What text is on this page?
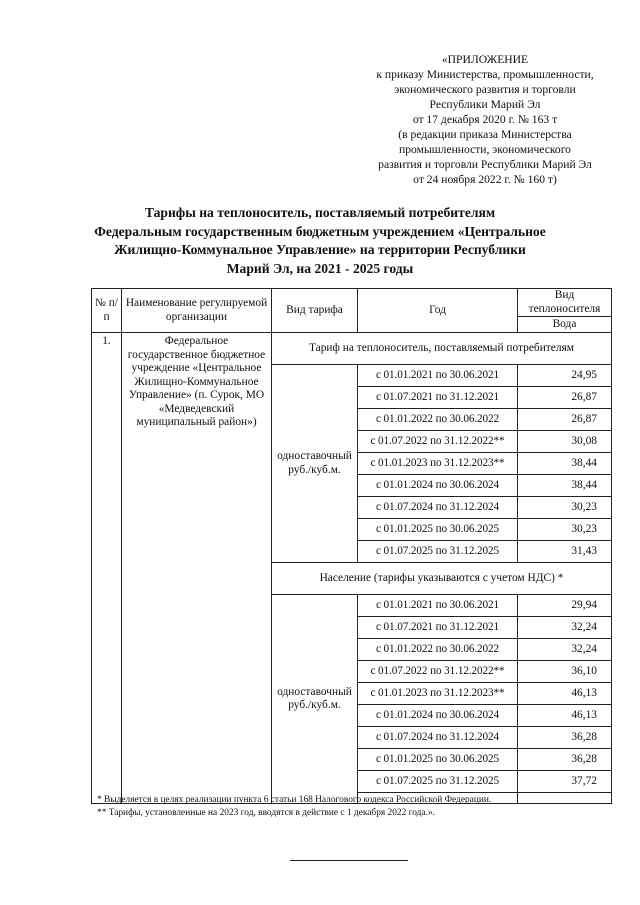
«ПРИЛОЖЕНИЕ
к приказу Министерства, промышленности,
экономического развития и торговли
Республики Марий Эл
от 17 декабря 2020 г. № 163 т
(в редакции приказа Министерства
промышленности, экономического
развития и торговли Республики Марий Эл
от 24 ноября 2022 г. № 160 т)
Тарифы на теплоноситель, поставляемый потребителям
Федеральным государственным бюджетным учреждением «Центральное
Жилищно-Коммунальное Управление» на территории Республики
Марий Эл, на 2021 - 2025 годы
№ п/п	Наименование регулируемой организации	Вид тарифа	Год	Вид теплоносителя
				Вода
1.	Федеральное государственное бюджетное учреждение «Центральное Жилищно-Коммунальное Управление» (п. Сурок, МО «Медведевский муниципальный район»)	Тариф на теплоноситель, поставляемый потребителям		
		одноставочный руб./куб.м.	с 01.01.2021 по 30.06.2021	24,95
			с 01.07.2021 по 31.12.2021	26,87
			с 01.01.2022 по 30.06.2022	26,87
			с 01.07.2022 по 31.12.2022**	30,08
			с 01.01.2023 по 31.12.2023**	38,44
			с 01.01.2024 по 30.06.2024	38,44
			с 01.07.2024 по 31.12.2024	30,23
			с 01.01.2025 по 30.06.2025	30,23
			с 01.07.2025 по 31.12.2025	31,43
		Население (тарифы указываются с учетом НДС) *		
		одноставочный руб./куб.м.	с 01.01.2021 по 30.06.2021	29,94
			с 01.07.2021 по 31.12.2021	32,24
			с 01.01.2022 по 30.06.2022	32,24
			с 01.07.2022 по 31.12.2022**	36,10
			с 01.01.2023 по 31.12.2023**	46,13
			с 01.01.2024 по 30.06.2024	46,13
			с 01.07.2024 по 31.12.2024	36,28
			с 01.01.2025 по 30.06.2025	36,28
			с 01.07.2025 по 31.12.2025	37,72

* Выделяется в целях реализации пункта 6 статьи 168 Налогового кодекса Российской Федерации.
** Тарифы, установленные на 2023 год, вводятся в действие с 1 декабря 2022 года.».
